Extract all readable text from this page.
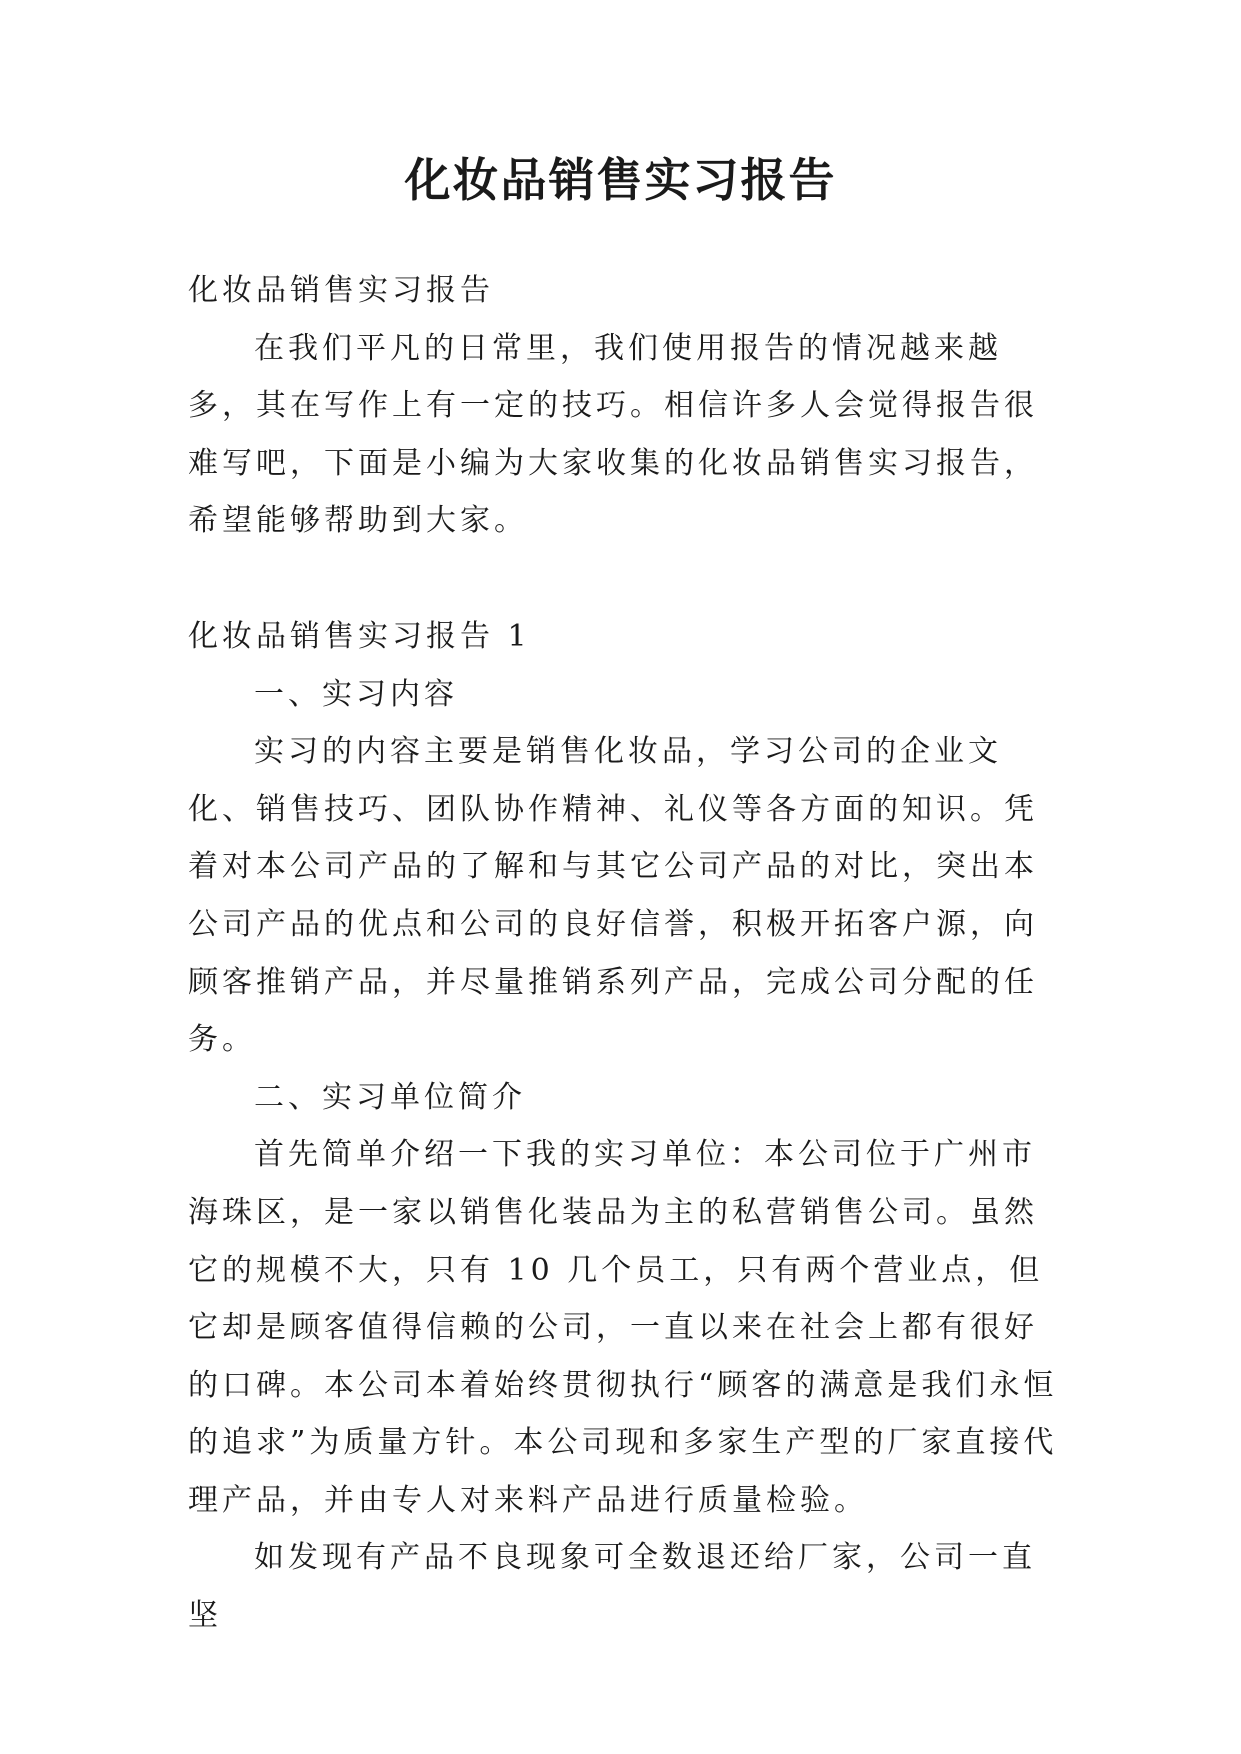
化妆品销售实习报告

化妆品销售实习报告

在我们平凡的日常里，我们使用报告的情况越来越多，其在写作上有一定的技巧。相信许多人会觉得报告很难写吧，下面是小编为大家收集的化妆品销售实习报告，希望能够帮助到大家。

化妆品销售实习报告 1

一、实习内容

实习的内容主要是销售化妆品，学习公司的企业文化、销售技巧、团队协作精神、礼仪等各方面的知识。凭着对本公司产品的了解和与其它公司产品的对比，突出本公司产品的优点和公司的良好信誉，积极开拓客户源，向顾客推销产品，并尽量推销系列产品，完成公司分配的任务。

二、实习单位简介

首先简单介绍一下我的实习单位：本公司位于广州市海珠区，是一家以销售化装品为主的私营销售公司。虽然它的规模不大，只有 10 几个员工，只有两个营业点，但它却是顾客值得信赖的公司，一直以来在社会上都有很好的口碑。本公司本着始终贯彻执行“顾客的满意是我们永恒的追求”为质量方针。本公司现和多家生产型的厂家直接代理产品，并由专人对来料产品进行质量检验。

如发现有产品不良现象可全数退还给厂家，公司一直坚
